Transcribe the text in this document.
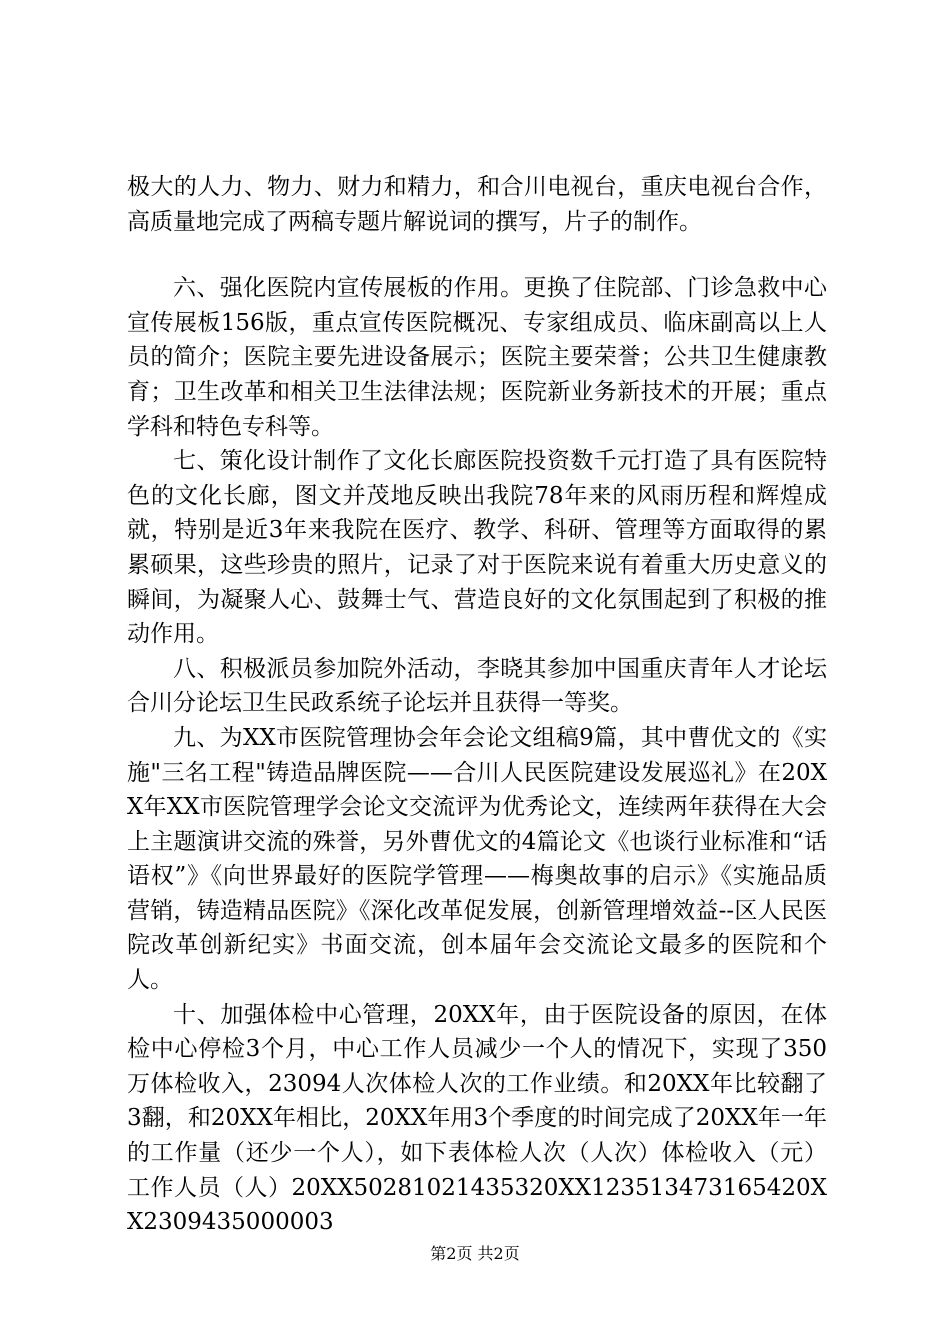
极大的人力、物力、财力和精力，和合川电视台，重庆电视台合作，高质量地完成了两稿专题片解说词的撰写，片子的制作。

六、强化医院内宣传展板的作用。更换了住院部、门诊急救中心宣传展板156版，重点宣传医院概况、专家组成员、临床副高以上人员的简介；医院主要先进设备展示；医院主要荣誉；公共卫生健康教育；卫生改革和相关卫生法律法规；医院新业务新技术的开展；重点学科和特色专科等。

七、策化设计制作了文化长廊医院投资数千元打造了具有医院特色的文化长廊，图文并茂地反映出我院78年来的风雨历程和辉煌成就，特别是近3年来我院在医疗、教学、科研、管理等方面取得的累累硕果，这些珍贵的照片，记录了对于医院来说有着重大历史意义的瞬间，为凝聚人心、鼓舞士气、营造良好的文化氛围起到了积极的推动作用。

八、积极派员参加院外活动，李晓其参加中国重庆青年人才论坛合川分论坛卫生民政系统子论坛并且获得一等奖。

九、为XX市医院管理协会年会论文组稿9篇，其中曹优文的《实施"三名工程"铸造品牌医院——合川人民医院建设发展巡礼》在20XX年XX市医院管理学会论文交流评为优秀论文，连续两年获得在大会上主题演讲交流的殊誉，另外曹优文的4篇论文《也谈行业标准和“话语权”》《向世界最好的医院学管理——梅奥故事的启示》《实施品质营销，铸造精品医院》《深化改革促发展，创新管理增效益--区人民医院改革创新纪实》书面交流，创本届年会交流论文最多的医院和个人。

十、加强体检中心管理，20XX年，由于医院设备的原因，在体检中心停检3个月，中心工作人员减少一个人的情况下，实现了350万体检收入，23094人次体检人次的工作业绩。和20XX年比较翻了3翻，和20XX年相比，20XX年用3个季度的时间完成了20XX年一年的工作量（还少一个人），如下表体检人次（人次）体检收入（元）工作人员（人）20XX50281021435320XX123513473165420XX2309435000003

第2页 共2页
